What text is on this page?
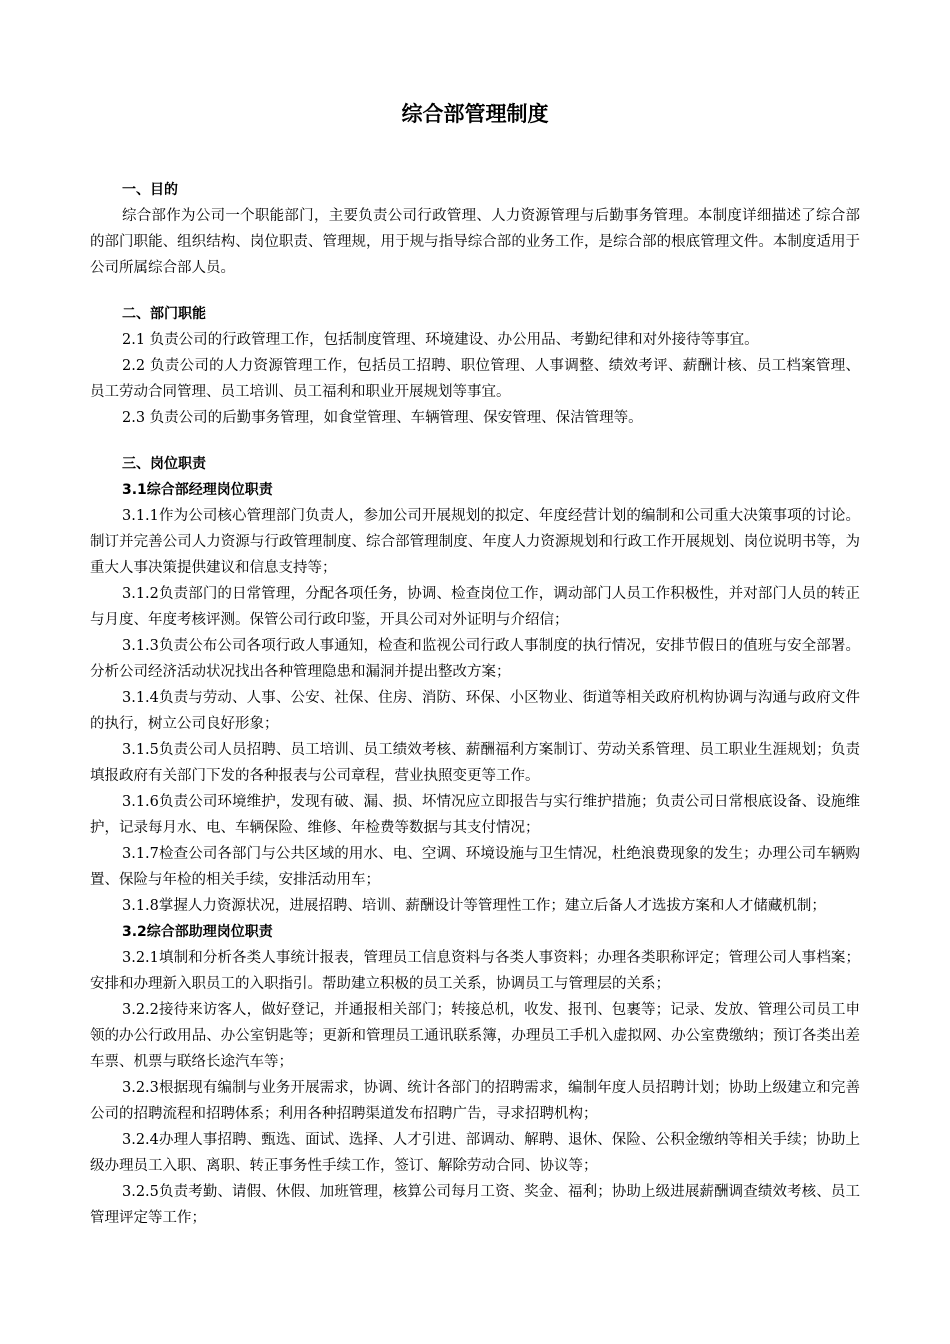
综合部管理制度

一、目的

综合部作为公司一个职能部门，主要负责公司行政管理、人力资源管理与后勤事务管理。本制度详细描述了综合部的部门职能、组织结构、岗位职责、管理规，用于规与指导综合部的业务工作，是综合部的根底管理文件。本制度适用于公司所属综合部人员。

二、部门职能

2.1 负责公司的行政管理工作，包括制度管理、环境建设、办公用品、考勤纪律和对外接待等事宜。

2.2 负责公司的人力资源管理工作，包括员工招聘、职位管理、人事调整、绩效考评、薪酬计核、员工档案管理、员工劳动合同管理、员工培训、员工福利和职业开展规划等事宜。

2.3 负责公司的后勤事务管理，如食堂管理、车辆管理、保安管理、保洁管理等。

三、岗位职责

3.1综合部经理岗位职责

3.1.1作为公司核心管理部门负责人，参加公司开展规划的拟定、年度经营计划的编制和公司重大决策事项的讨论。制订并完善公司人力资源与行政管理制度、综合部管理制度、年度人力资源规划和行政工作开展规划、岗位说明书等，为重大人事决策提供建议和信息支持等；

3.1.2负责部门的日常管理，分配各项任务，协调、检查岗位工作，调动部门人员工作积极性，并对部门人员的转正与月度、年度考核评测。保管公司行政印鉴，开具公司对外证明与介绍信；

3.1.3负责公布公司各项行政人事通知，检查和监视公司行政人事制度的执行情况，安排节假日的值班与安全部署。分析公司经济活动状况找出各种管理隐患和漏洞并提出整改方案；

3.1.4负责与劳动、人事、公安、社保、住房、消防、环保、小区物业、街道等相关政府机构协调与沟通与政府文件的执行，树立公司良好形象；

3.1.5负责公司人员招聘、员工培训、员工绩效考核、薪酬福利方案制订、劳动关系管理、员工职业生涯规划；负责填报政府有关部门下发的各种报表与公司章程，营业执照变更等工作。

3.1.6负责公司环境维护，发现有破、漏、损、坏情况应立即报告与实行维护措施；负责公司日常根底设备、设施维护，记录每月水、电、车辆保险、维修、年检费等数据与其支付情况；

3.1.7检查公司各部门与公共区域的用水、电、空调、环境设施与卫生情况，杜绝浪费现象的发生；办理公司车辆购置、保险与年检的相关手续，安排活动用车；

3.1.8掌握人力资源状况，进展招聘、培训、薪酬设计等管理性工作；建立后备人才选拔方案和人才储藏机制；

3.2综合部助理岗位职责

3.2.1填制和分析各类人事统计报表，管理员工信息资料与各类人事资料；办理各类职称评定；管理公司人事档案；安排和办理新入职员工的入职指引。帮助建立积极的员工关系，协调员工与管理层的关系；

3.2.2接待来访客人，做好登记，并通报相关部门；转接总机，收发、报刊、包裹等；记录、发放、管理公司员工申领的办公行政用品、办公室钥匙等；更新和管理员工通讯联系簿，办理员工手机入虚拟网、办公室费缴纳；预订各类出差车票、机票与联络长途汽车等；

3.2.3根据现有编制与业务开展需求，协调、统计各部门的招聘需求，编制年度人员招聘计划；协助上级建立和完善公司的招聘流程和招聘体系；利用各种招聘渠道发布招聘广告，寻求招聘机构；

3.2.4办理人事招聘、甄选、面试、选择、人才引进、部调动、解聘、退休、保险、公积金缴纳等相关手续；协助上级办理员工入职、离职、转正事务性手续工作，签订、解除劳动合同、协议等；

3.2.5负责考勤、请假、休假、加班管理，核算公司每月工资、奖金、福利；协助上级进展薪酬调查绩效考核、员工管理评定等工作；
